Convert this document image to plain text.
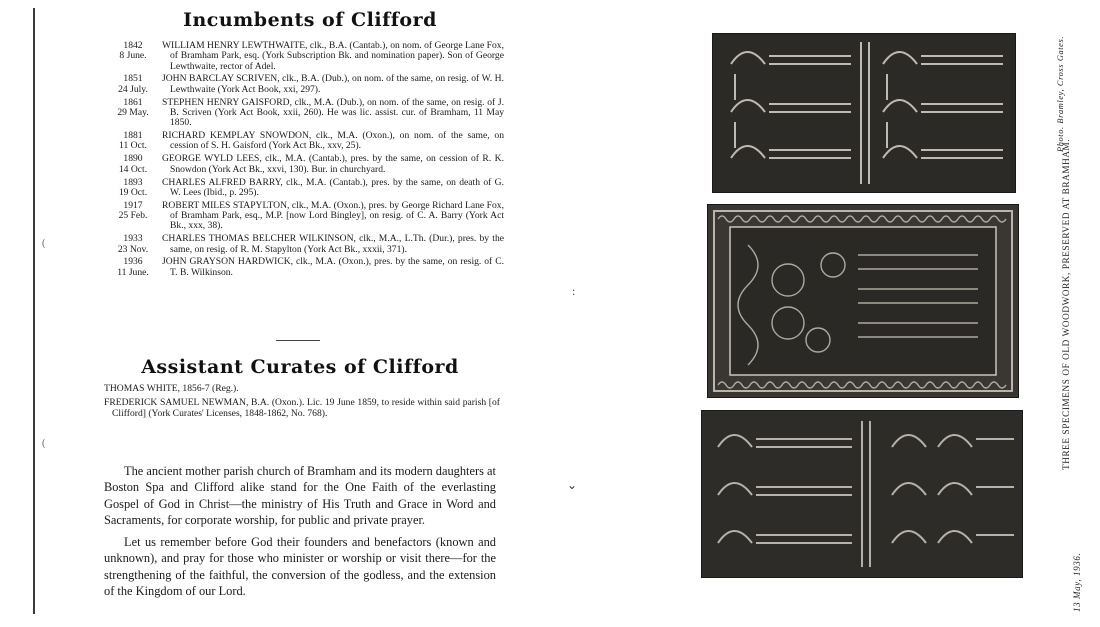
Incumbents of Clifford
1842
8 June.
WILLIAM HENRY LEWTHWAITE, clk., B.A. (Cantab.), on nom. of George Lane Fox, of Bramham Park, esq. (York Subscription Bk. and nomination paper). Son of George Lewthwaite, rector of Adel.
1851
24 July.
JOHN BARCLAY SCRIVEN, clk., B.A. (Dub.), on nom. of the same, on resig. of W. H. Lewthwaite (York Act Book, xxi, 297).
1861
29 May.
STEPHEN HENRY GAISFORD, clk., M.A. (Dub.), on nom. of the same, on resig. of J. B. Scriven (York Act Book, xxii, 260). He was lic. assist. cur. of Bramham, 11 May 1850.
1881
11 Oct.
RICHARD KEMPLAY SNOWDON, clk., M.A. (Oxon.), on nom. of the same, on cession of S. H. Gaisford (York Act Bk., xxv, 25).
1890
14 Oct.
GEORGE WYLD LEES, clk., M.A. (Cantab.), pres. by the same, on cession of R. K. Snowdon (York Act Bk., xxvi, 130). Bur. in churchyard.
1893
19 Oct.
CHARLES ALFRED BARRY, clk., M.A. (Cantab.), pres. by the same, on death of G. W. Lees (Ibid., p. 295).
1917
25 Feb.
ROBERT MILES STAPYLTON, clk., M.A. (Oxon.), pres. by George Richard Lane Fox, of Bramham Park, esq., M.P. [now Lord Bingley], on resig. of C. A. Barry (York Act Bk., xxx, 38).
1933
23 Nov.
CHARLES THOMAS BELCHER WILKINSON, clk., M.A., L.Th. (Dur.), pres. by the same, on resig. of R. M. Stapylton (York Act Bk., xxxii, 371).
1936
11 June.
JOHN GRAYSON HARDWICK, clk., M.A. (Oxon.), pres. by the same, on resig. of C. T. B. Wilkinson.
Assistant Curates of Clifford
THOMAS WHITE, 1856-7 (Reg.).
FREDERICK SAMUEL NEWMAN, B.A. (Oxon.). Lic. 19 June 1859, to reside within said parish [of Clifford] (York Curates' Licenses, 1848-1862, No. 768).

The ancient mother parish church of Bramham and its modern daughters at Boston Spa and Clifford alike stand for the One Faith of the everlasting Gospel of God in Christ—the ministry of His Truth and Grace in Word and Sacraments, for corporate worship, for public and private prayer.

Let us remember before God their founders and benefactors (known and unknown), and pray for those who minister or worship or visit there—for the strengthening of the faithful, the conversion of the godless, and the extension of the Kingdom of our Lord.

(
(
:
⌄
THREE SPECIMENS OF OLD WOODWORK, PRESERVED AT BRAMHAM.
Photo. Bramley, Cross Gates.
13 May, 1936.
